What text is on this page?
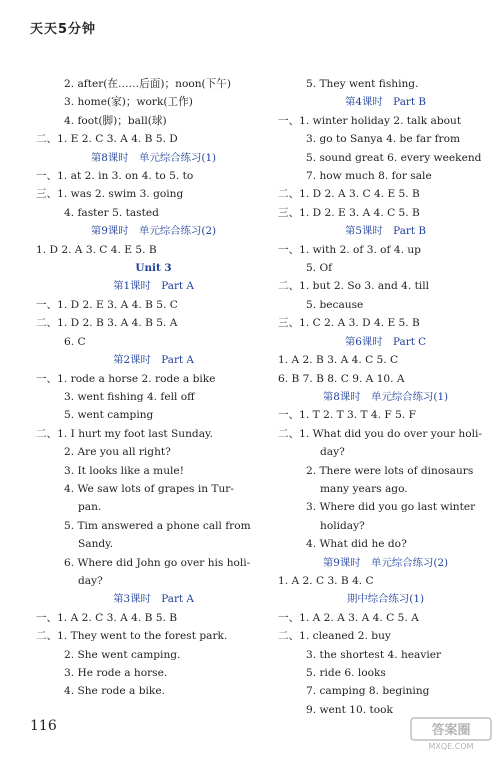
天天5分钟
2. after(在……后面)；noon(下午)
3. home(家)；work(工作)
4. foot(脚)；ball(球)
二、1. E 2. C 3. A 4. B 5. D
第8课时　单元综合练习(1)
一、1. at 2. in 3. on 4. to 5. to
三、1. was 2. swim 3. going
4. faster 5. tasted
第9课时　单元综合练习(2)
1. D 2. A 3. C 4. E 5. B
Unit 3
第1课时　Part A
一、1. D 2. E 3. A 4. B 5. C
二、1. D 2. B 3. A 4. B 5. A
6. C
第2课时　Part A
一、1. rode a horse 2. rode a bike
3. went fishing 4. fell off
5. went camping
二、1. I hurt my foot last Sunday.
2. Are you all right?
3. It looks like a mule!
4. We saw lots of grapes in Tur-
pan.
5. Tim answered a phone call from
Sandy.
6. Where did John go over his holi-
day?
第3课时　Part A
一、1. A 2. C 3. A 4. B 5. B
二、1. They went to the forest park.
2. She went camping.
3. He rode a horse.
4. She rode a bike.
5. They went fishing.
第4课时　Part B
一、1. winter holiday 2. talk about
3. go to Sanya 4. be far from
5. sound great 6. every weekend
7. how much 8. for sale
二、1. D 2. A 3. C 4. E 5. B
三、1. D 2. E 3. A 4. C 5. B
第5课时　Part B
一、1. with 2. of 3. of 4. up
5. Of
二、1. but 2. So 3. and 4. till
5. because
三、1. C 2. A 3. D 4. E 5. B
第6课时　Part C
1. A 2. B 3. A 4. C 5. C
6. B 7. B 8. C 9. A 10. A
第8课时　单元综合练习(1)
一、1. T 2. T 3. T 4. F 5. F
二、1. What did you do over your holi-
day?
2. There were lots of dinosaurs
many years ago.
3. Where did you go last winter
holiday?
4. What did he do?
第9课时　单元综合练习(2)
1. A 2. C 3. B 4. C
期中综合练习(1)
一、1. A 2. A 3. A 4. C 5. A
二、1. cleaned 2. buy
3. the shortest 4. heavier
5. ride 6. looks
7. camping 8. begining
9. went 10. took
116	答案圈
MXQE.COM
